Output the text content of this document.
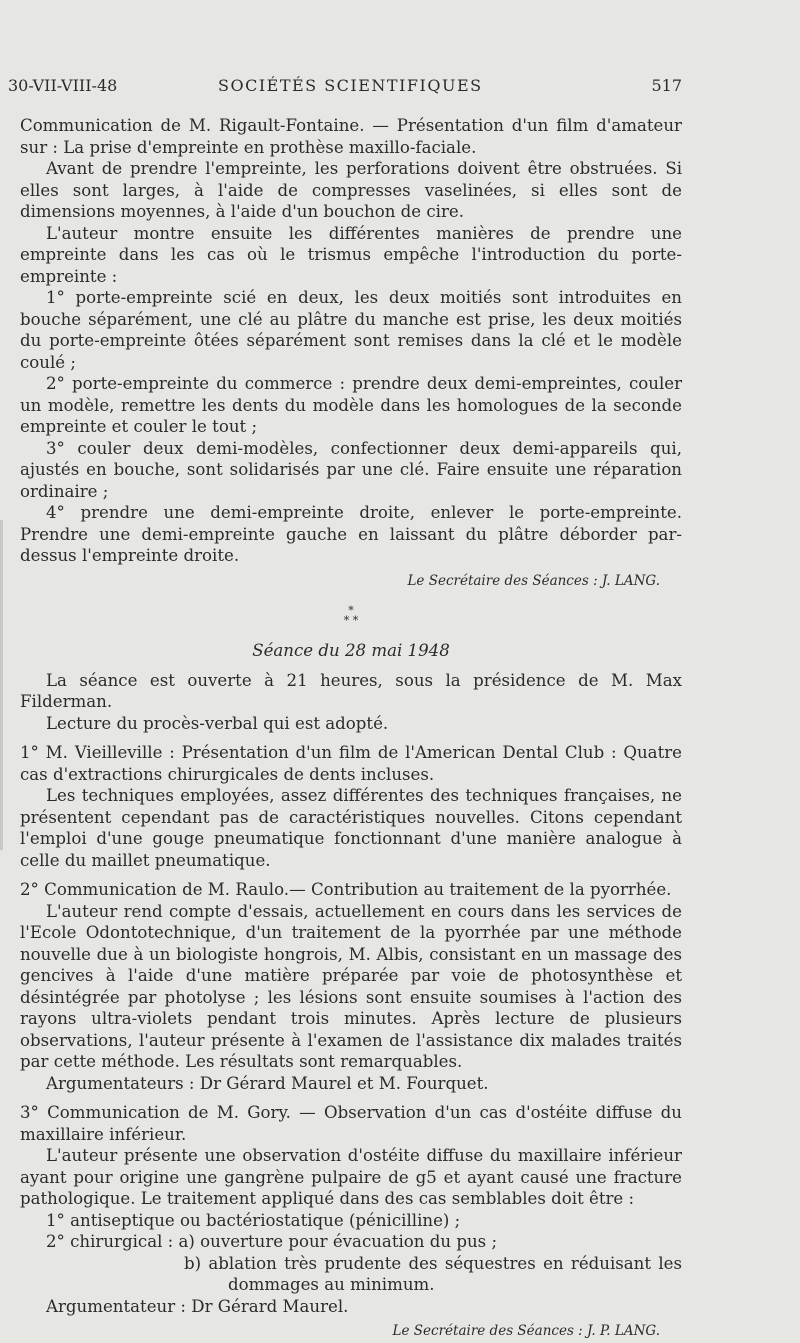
30-VII-VIII-48	SOCIÉTÉS SCIENTIFIQUES	517

Communication de M. Rigault-Fontaine. — Présentation d'un film d'amateur sur : La prise d'empreinte en prothèse maxillo-faciale.

Avant de prendre l'empreinte, les perforations doivent être obstruées. Si elles sont larges, à l'aide de compresses vaselinées, si elles sont de dimensions moyennes, à l'aide d'un bouchon de cire.

L'auteur montre ensuite les différentes manières de prendre une empreinte dans les cas où le trismus empêche l'introduction du porte-empreinte :

1° porte-empreinte scié en deux, les deux moitiés sont introduites en bouche séparément, une clé au plâtre du manche est prise, les deux moitiés du porte-empreinte ôtées séparément sont remises dans la clé et le modèle coulé ;

2° porte-empreinte du commerce : prendre deux demi-empreintes, couler un modèle, remettre les dents du modèle dans les homologues de la seconde empreinte et couler le tout ;

3° couler deux demi-modèles, confectionner deux demi-appareils qui, ajustés en bouche, sont solidarisés par une clé. Faire ensuite une réparation ordinaire ;

4° prendre une demi-empreinte droite, enlever le porte-empreinte. Prendre une demi-empreinte gauche en laissant du plâtre déborder par-dessus l'empreinte droite.

Le Secrétaire des Séances : J. LANG.

*
* *

Séance du 28 mai 1948

La séance est ouverte à 21 heures, sous la présidence de M. Max Filderman.

Lecture du procès-verbal qui est adopté.

1° M. Vieilleville : Présentation d'un film de l'American Dental Club : Quatre cas d'extractions chirurgicales de dents incluses.

Les techniques employées, assez différentes des techniques françaises, ne présentent cependant pas de caractéristiques nouvelles. Citons cependant l'emploi d'une gouge pneumatique fonctionnant d'une manière analogue à celle du maillet pneumatique.

2° Communication de M. Raulo.— Contribution au traitement de la pyorrhée.

L'auteur rend compte d'essais, actuellement en cours dans les services de l'Ecole Odontotechnique, d'un traitement de la pyorrhée par une méthode nouvelle due à un biologiste hongrois, M. Albis, consistant en un massage des gencives à l'aide d'une matière préparée par voie de photosynthèse et désintégrée par photolyse ; les lésions sont ensuite soumises à l'action des rayons ultra-violets pendant trois minutes. Après lecture de plusieurs observations, l'auteur présente à l'examen de l'assistance dix malades traités par cette méthode. Les résultats sont remarquables.

Argumentateurs : Dr Gérard Maurel et M. Fourquet.

3° Communication de M. Gory. — Observation d'un cas d'ostéite diffuse du maxillaire inférieur.

L'auteur présente une observation d'ostéite diffuse du maxillaire inférieur ayant pour origine une gangrène pulpaire de g5 et ayant causé une fracture pathologique. Le traitement appliqué dans des cas semblables doit être :

1° antiseptique ou bactériostatique (pénicilline) ;

2° chirurgical : a) ouverture pour évacuation du pus ;

b) ablation très prudente des séquestres en réduisant les dommages au minimum.

Argumentateur : Dr Gérard Maurel.

Le Secrétaire des Séances : J. P. LANG.
